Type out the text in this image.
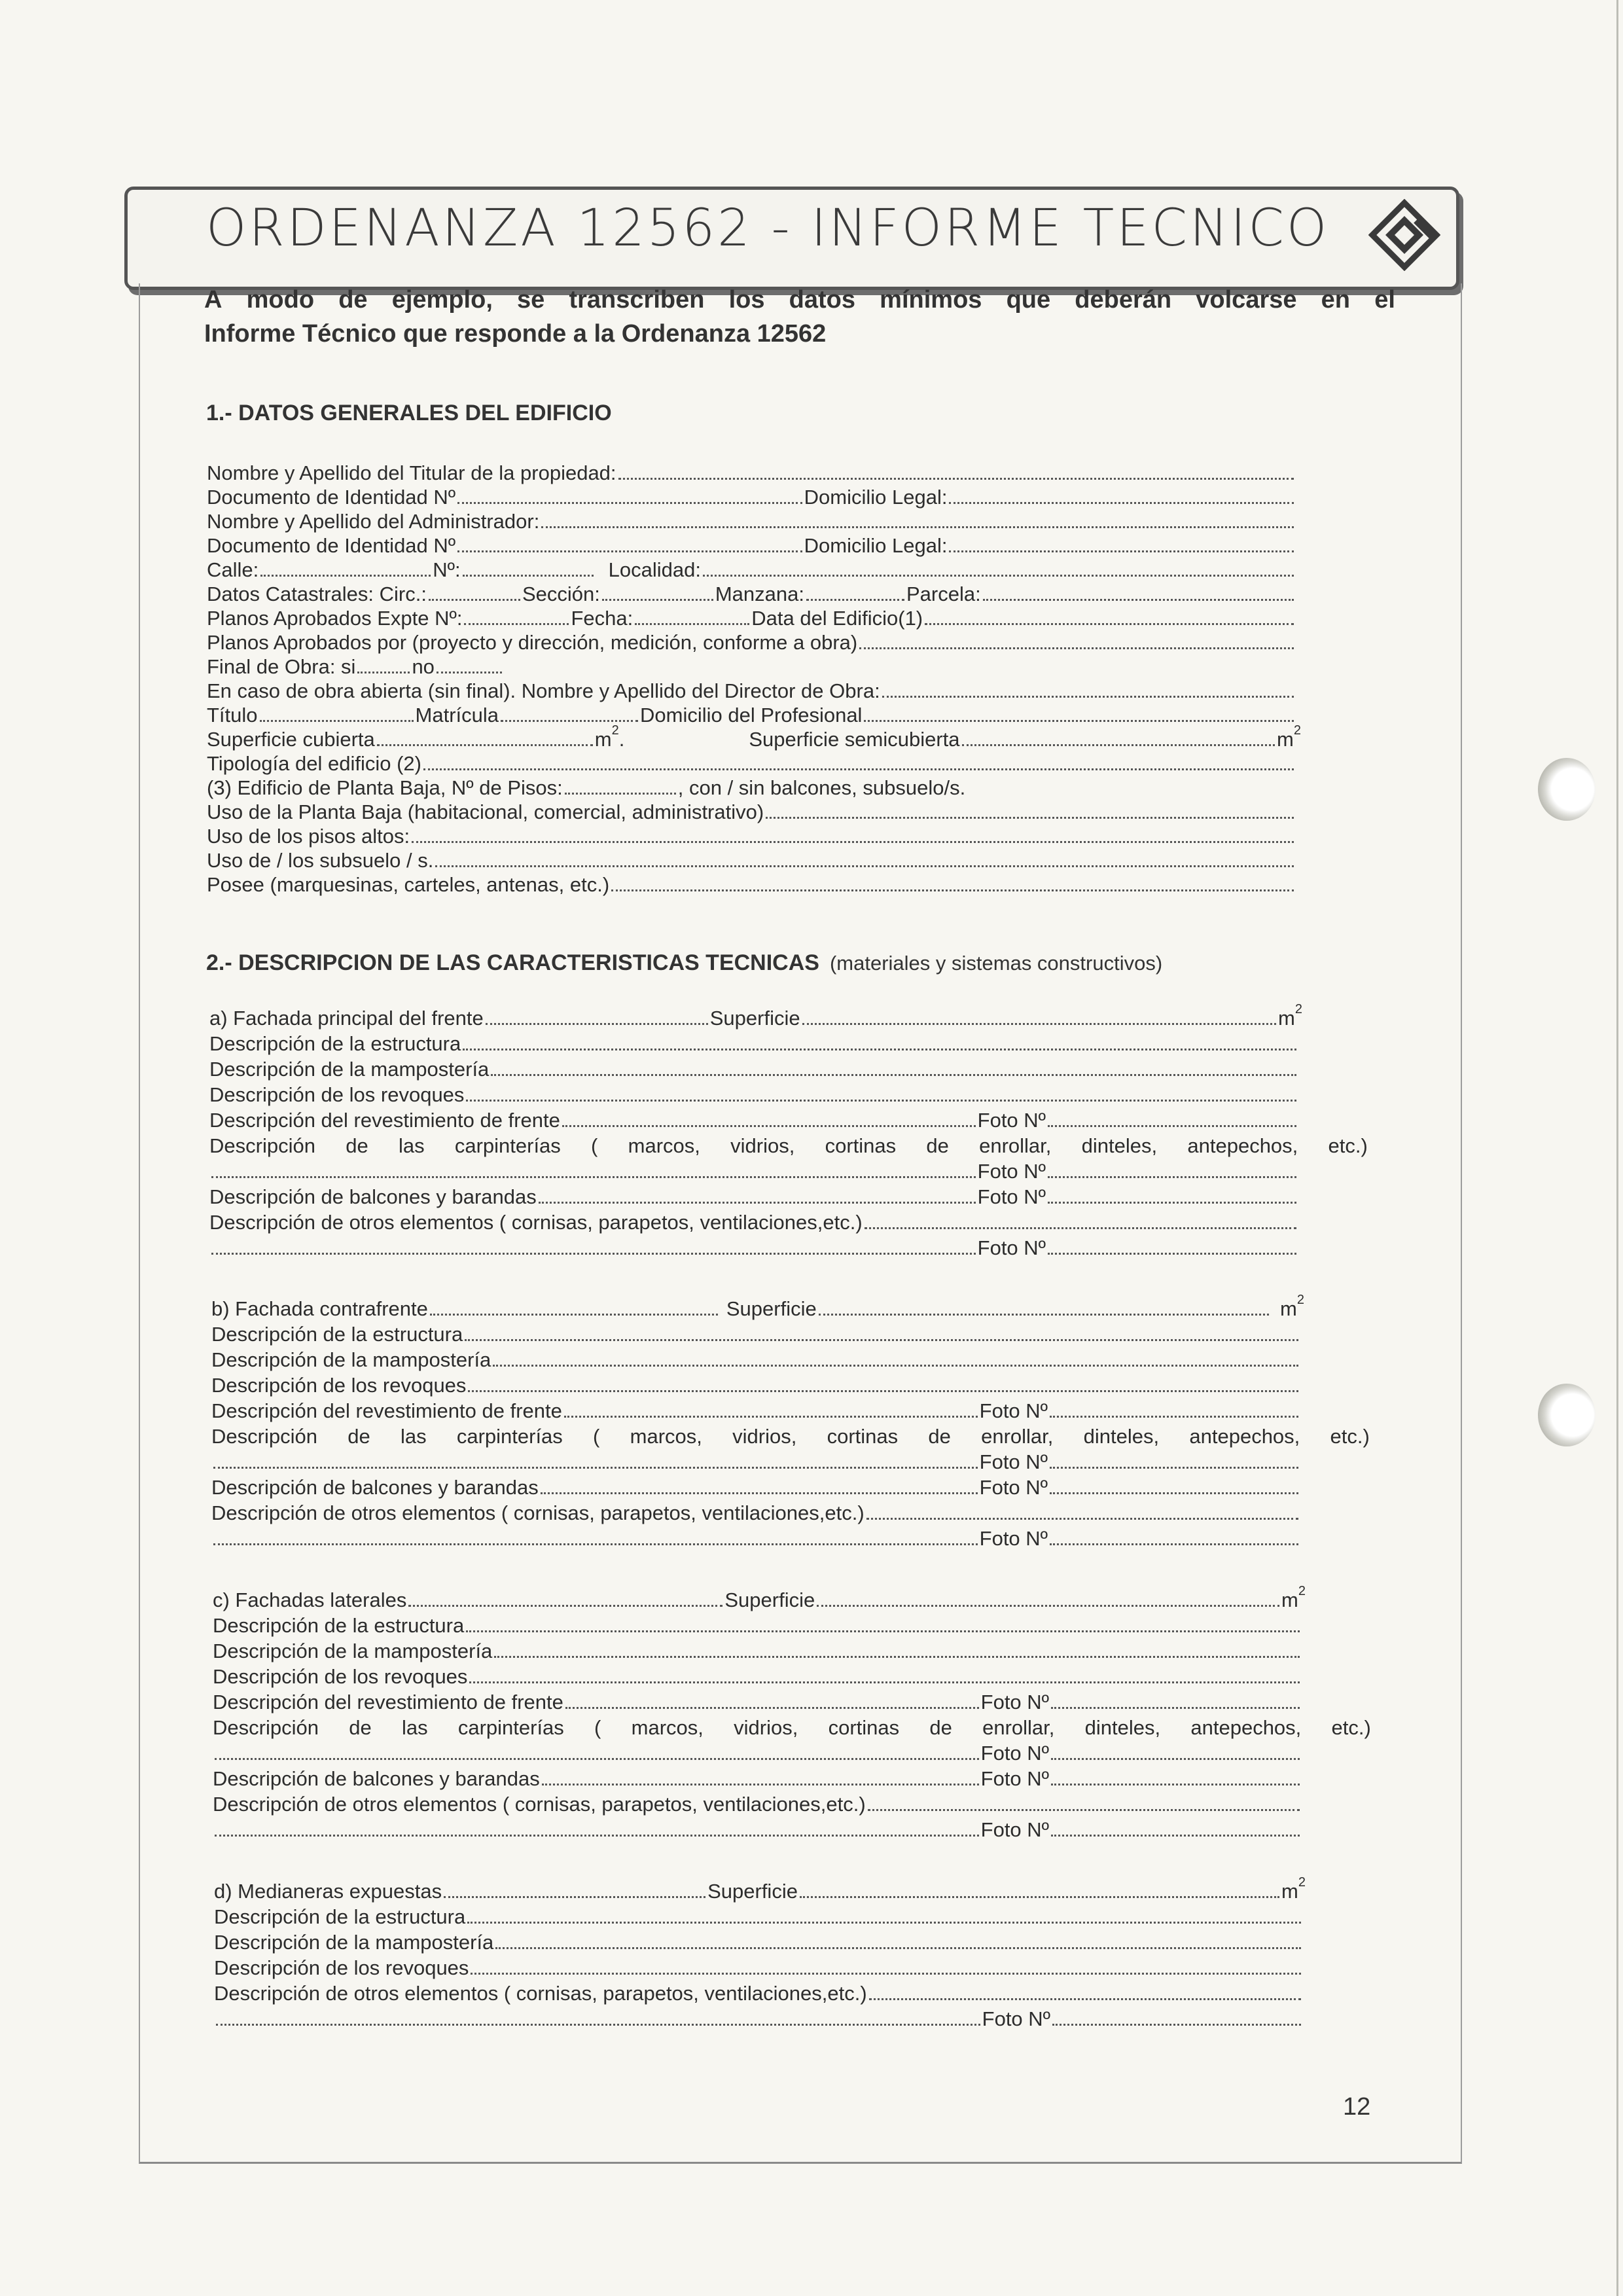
ORDENANZA 12562 - INFORME TECNICO
A modo de ejemplo, se transcriben los datos mínimos que deberán volcarse en el
Informe Técnico que responde a la Ordenanza 12562
1.- DATOS GENERALES DEL EDIFICIO
Nombre y Apellido del Titular de la propiedad:
Documento de Identidad Nº	Domicilio Legal:
Nombre y Apellido del Administrador:
Documento de Identidad Nº	Domicilio Legal:
Calle:	Nº:	Localidad:
Datos Catastrales: Circ.:	Sección:	Manzana:	Parcela:
Planos Aprobados Expte Nº:	Fecha:	Data del Edificio(1)
Planos Aprobados por (proyecto y dirección, medición, conforme a obra)
Final de Obra: si	no
En caso de obra abierta (sin final). Nombre y Apellido del Director de Obra:
Título	Matrícula	Domicilio del Profesional
Superficie cubierta	$m^2$.	Superficie semicubierta	$m^2$
Tipología del edificio (2)
(3) Edificio de Planta Baja, Nº de Pisos:	, con / sin balcones, subsuelo/s.
Uso de la Planta Baja (habitacional, comercial, administrativo)
Uso de los pisos altos:
Uso de / los subsuelo / s.
Posee (marquesinas, carteles, antenas, etc.)
2.- DESCRIPCION DE LAS CARACTERISTICAS TECNICAS (materiales y sistemas constructivos)
a) Fachada principal del frente	Superficie	$m^2$
Descripción de la estructura
Descripción de la mampostería
Descripción de los revoques
Descripción del revestimiento de frente	Foto Nº
Descripción de las carpinterías ( marcos, vidrios, cortinas de enrollar, dinteles, antepechos, etc.)
Foto Nº
Descripción de balcones y barandas	Foto Nº
Descripción de otros elementos ( cornisas, parapetos, ventilaciones,etc.)
Foto Nº
b) Fachada contrafrente	Superficie	$m^2$
Descripción de la estructura
Descripción de la mampostería
Descripción de los revoques
Descripción del revestimiento de frente	Foto Nº
Descripción de las carpinterías ( marcos, vidrios, cortinas de enrollar, dinteles, antepechos, etc.)
Foto Nº
Descripción de balcones y barandas	Foto Nº
Descripción de otros elementos ( cornisas, parapetos, ventilaciones,etc.)
Foto Nº
c) Fachadas laterales	Superficie	$m^2$
Descripción de la estructura
Descripción de la mampostería
Descripción de los revoques
Descripción del revestimiento de frente	Foto Nº
Descripción de las carpinterías ( marcos, vidrios, cortinas de enrollar, dinteles, antepechos, etc.)
Foto Nº
Descripción de balcones y barandas	Foto Nº
Descripción de otros elementos ( cornisas, parapetos, ventilaciones,etc.)
Foto Nº
d) Medianeras expuestas	Superficie	$m^2$
Descripción de la estructura
Descripción de la mampostería
Descripción de los revoques
Descripción de otros elementos ( cornisas, parapetos, ventilaciones,etc.)
Foto Nº
12
